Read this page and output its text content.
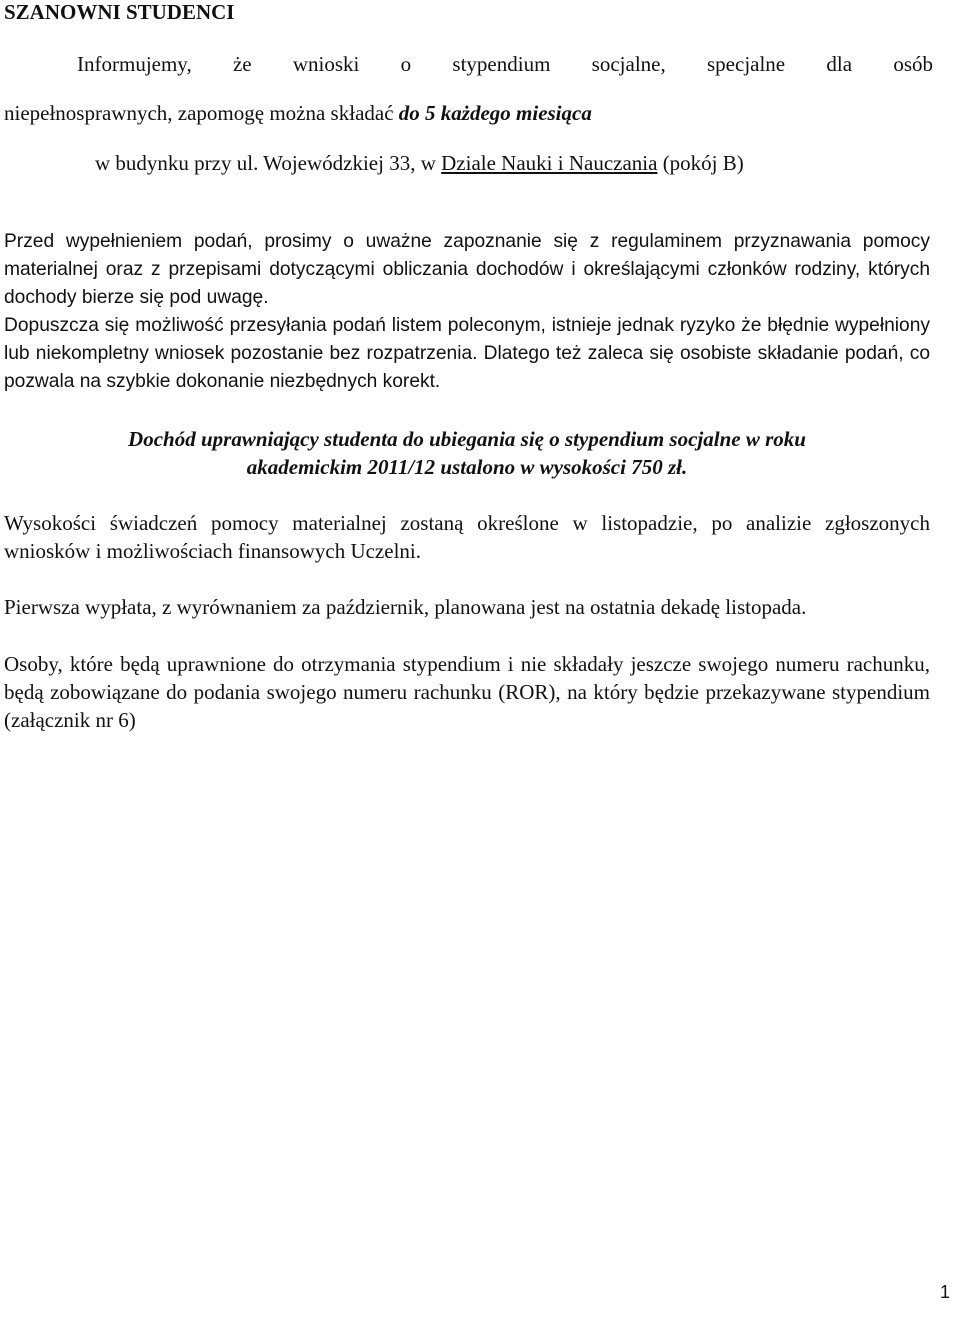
SZANOWNI STUDENCI

Informujemy, że wnioski o stypendium socjalne, specjalne dla osób

niepełnosprawnych, zapomogę można składać do 5 każdego miesiąca

w budynku przy ul. Wojewódzkiej 33, w Dziale Nauki i Nauczania (pokój B)

Przed wypełnieniem podań, prosimy o uważne zapoznanie się z regulaminem przyznawania pomocy materialnej oraz z przepisami dotyczącymi obliczania dochodów i określającymi członków rodziny, których dochody bierze się pod uwagę.

Dopuszcza się możliwość przesyłania podań listem poleconym, istnieje jednak ryzyko że błędnie wypełniony lub niekompletny wniosek pozostanie bez rozpatrzenia. Dlatego też zaleca się osobiste składanie podań, co pozwala na szybkie dokonanie niezbędnych korekt.

Dochód uprawniający studenta do ubiegania się o stypendium socjalne w roku
akademickim 2011/12 ustalono w wysokości 750 zł.

Wysokości świadczeń pomocy materialnej zostaną określone w listopadzie, po analizie zgłoszonych wniosków i możliwościach finansowych Uczelni.

Pierwsza wypłata, z wyrównaniem za październik, planowana jest na ostatnia dekadę listopada.

Osoby, które będą uprawnione do otrzymania stypendium i nie składały jeszcze swojego numeru rachunku, będą zobowiązane do podania swojego numeru rachunku (ROR), na który będzie przekazywane stypendium (załącznik nr 6)

1
